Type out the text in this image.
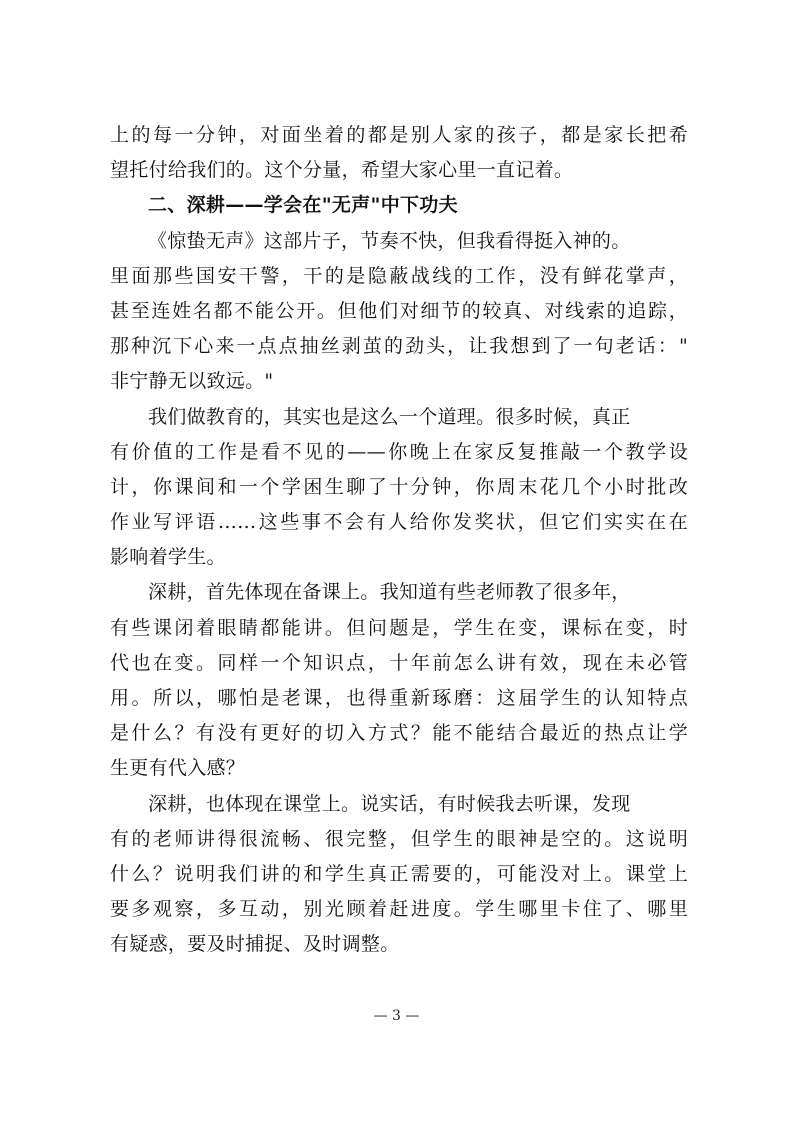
上的每一分钟，对面坐着的都是别人家的孩子，都是家长把希
望托付给我们的。这个分量，希望大家心里一直记着。
二、深耕——学会在"无声"中下功夫
《惊蛰无声》这部片子，节奏不快，但我看得挺入神的。
里面那些国安干警，干的是隐蔽战线的工作，没有鲜花掌声，
甚至连姓名都不能公开。但他们对细节的较真、对线索的追踪，
那种沉下心来一点点抽丝剥茧的劲头，让我想到了一句老话："
非宁静无以致远。"
我们做教育的，其实也是这么一个道理。很多时候，真正
有价值的工作是看不见的——你晚上在家反复推敲一个教学设
计，你课间和一个学困生聊了十分钟，你周末花几个小时批改
作业写评语……这些事不会有人给你发奖状，但它们实实在在
影响着学生。
深耕，首先体现在备课上。我知道有些老师教了很多年，
有些课闭着眼睛都能讲。但问题是，学生在变，课标在变，时
代也在变。同样一个知识点，十年前怎么讲有效，现在未必管
用。所以，哪怕是老课，也得重新琢磨：这届学生的认知特点
是什么？有没有更好的切入方式？能不能结合最近的热点让学
生更有代入感？
深耕，也体现在课堂上。说实话，有时候我去听课，发现
有的老师讲得很流畅、很完整，但学生的眼神是空的。这说明
什么？说明我们讲的和学生真正需要的，可能没对上。课堂上
要多观察，多互动，别光顾着赶进度。学生哪里卡住了、哪里
有疑惑，要及时捕捉、及时调整。
— 3 —
